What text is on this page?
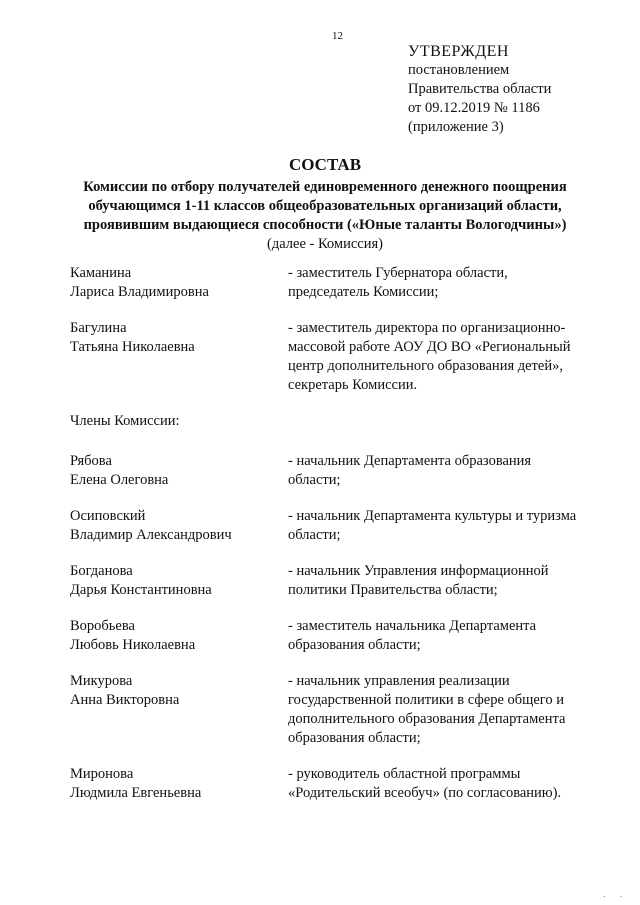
12
УТВЕРЖДЕН
постановлением
Правительства области
от 09.12.2019 № 1186
(приложение 3)
СОСТАВ
Комиссии по отбору получателей единовременного денежного поощрения
обучающимся 1-11 классов общеобразовательных организаций области,
проявившим выдающиеся способности («Юные таланты Вологодчины»)
(далее - Комиссия)
Каманина
Лариса Владимировна
- заместитель Губернатора области,
председатель Комиссии;
Багулина
Татьяна Николаевна
- заместитель директора по организационно-
массовой работе АОУ ДО ВО «Региональный
центр дополнительного образования детей»,
секретарь Комиссии.
Члены Комиссии:
Рябова
Елена Олеговна
- начальник Департамента образования
области;
Осиповский
Владимир Александрович
- начальник Департамента культуры и туризма
области;
Богданова
Дарья Константиновна
- начальник Управления информационной
политики Правительства области;
Воробьева
Любовь Николаевна
- заместитель начальника Департамента
образования области;
Микурова
Анна Викторовна
- начальник управления реализации
государственной политики в сфере общего и
дополнительного образования Департамента
образования области;
Миронова
Людмила Евгеньевна
- руководитель областной программы
«Родительский всеобуч» (по согласованию).
. .
